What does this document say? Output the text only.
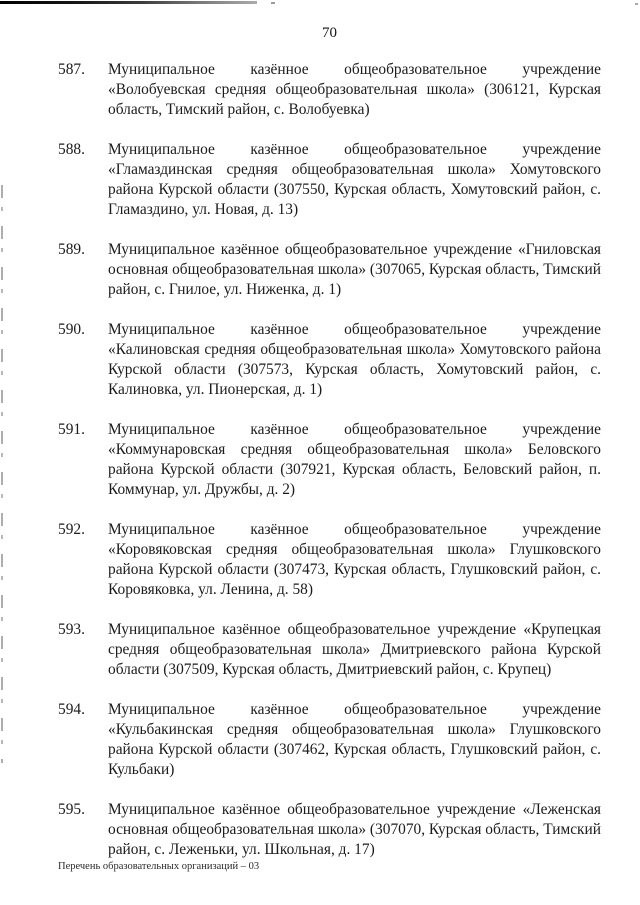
70
587.	Муниципальное казённое общеобразовательное учреждение «Волобуевская средняя общеобразовательная школа» (306121, Курская область, Тимский район, с. Волобуевка)
588.	Муниципальное казённое общеобразовательное учреждение «Гламаздинская средняя общеобразовательная школа» Хомутовского района Курской области (307550, Курская область, Хомутовский район, с. Гламаздино, ул. Новая, д. 13)
589.	Муниципальное казённое общеобразовательное учреждение «Гниловская основная общеобразовательная школа» (307065, Курская область, Тимский район, с. Гнилое, ул. Ниженка, д. 1)
590.	Муниципальное казённое общеобразовательное учреждение «Калиновская средняя общеобразовательная школа» Хомутовского района Курской области (307573, Курская область, Хомутовский район, с. Калиновка, ул. Пионерская, д. 1)
591.	Муниципальное казённое общеобразовательное учреждение «Коммунаровская средняя общеобразовательная школа» Беловского района Курской области (307921, Курская область, Беловский район, п. Коммунар, ул. Дружбы, д. 2)
592.	Муниципальное казённое общеобразовательное учреждение «Коровяковская средняя общеобразовательная школа» Глушковского района Курской области (307473, Курская область, Глушковский район, с. Коровяковка, ул. Ленина, д. 58)
593.	Муниципальное казённое общеобразовательное учреждение «Крупецкая средняя общеобразовательная школа» Дмитриевского района Курской области (307509, Курская область, Дмитриевский район, с. Крупец)
594.	Муниципальное казённое общеобразовательное учреждение «Кульбакинская средняя общеобразовательная школа» Глушковского района Курской области (307462, Курская область, Глушковский район, с. Кульбаки)
595.	Муниципальное казённое общеобразовательное учреждение «Леженская основная общеобразовательная школа» (307070, Курская область, Тимский район, с. Леженьки, ул. Школьная, д. 17)
Перечень образовательных организаций – 03
